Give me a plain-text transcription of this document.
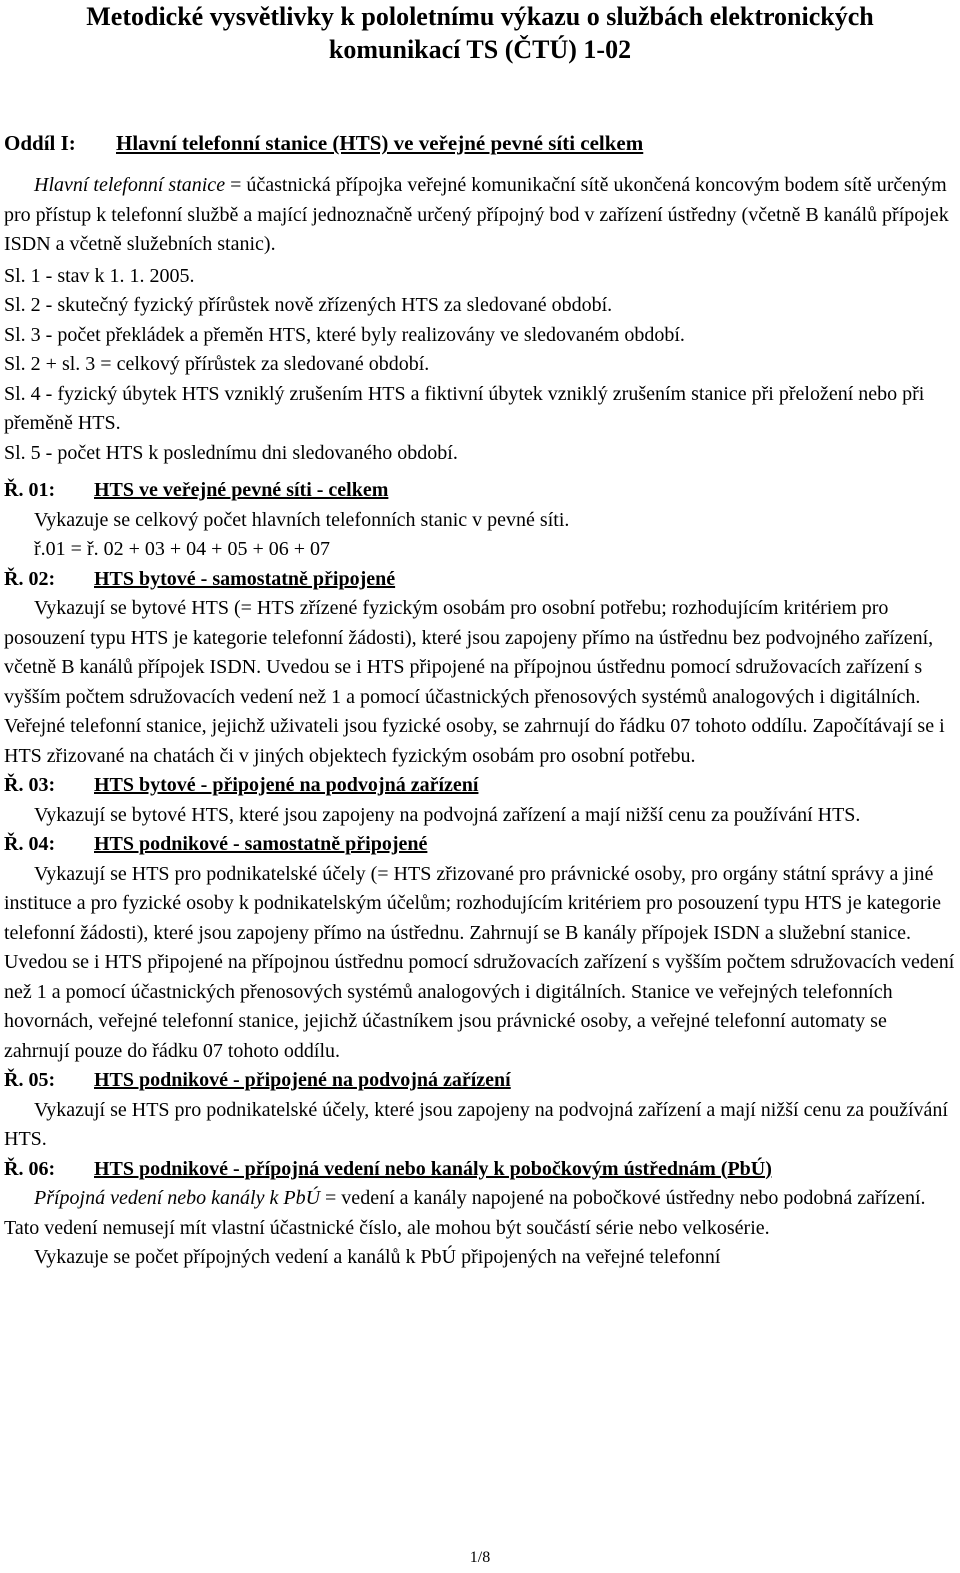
Metodické vysvětlivky k pololetnímu výkazu o službách elektronických
komunikací TS (ČTÚ) 1-02
Oddíl I: Hlavní telefonní stanice (HTS) ve veřejné pevné síti celkem

Hlavní telefonní stanice = účastnická přípojka veřejné komunikační sítě ukončená koncovým bodem sítě určeným pro přístup k telefonní službě a mající jednoznačně určený přípojný bod v zařízení ústředny (včetně B kanálů přípojek ISDN a včetně služebních stanic).

Sl. 1 - stav k 1. 1. 2005.

Sl. 2 - skutečný fyzický přírůstek nově zřízených HTS za sledované období.

Sl. 3 - počet překládek a přeměn HTS, které byly realizovány ve sledovaném období.

Sl. 2 + sl. 3 = celkový přírůstek za sledované období.

Sl. 4 - fyzický úbytek HTS vzniklý zrušením HTS a fiktivní úbytek vzniklý zrušením stanice při přeložení nebo při přeměně HTS.

Sl. 5 - počet HTS k poslednímu dni sledovaného období.

Ř. 01: HTS ve veřejné pevné síti - celkem

Vykazuje se celkový počet hlavních telefonních stanic v pevné síti.

ř.01 = ř. 02 + 03 + 04 + 05 + 06 + 07

Ř. 02: HTS bytové - samostatně připojené

Vykazují se bytové HTS (= HTS zřízené fyzickým osobám pro osobní potřebu; rozhodujícím kritériem pro posouzení typu HTS je kategorie telefonní žádosti), které jsou zapojeny přímo na ústřednu bez podvojného zařízení, včetně B kanálů přípojek ISDN. Uvedou se i HTS připojené na přípojnou ústřednu pomocí sdružovacích zařízení s vyšším počtem sdružovacích vedení než 1 a pomocí účastnických přenosových systémů analogových i digitálních. Veřejné telefonní stanice, jejichž uživateli jsou fyzické osoby, se zahrnují do řádku 07 tohoto oddílu. Započítávají se i HTS zřizované na chatách či v jiných objektech fyzickým osobám pro osobní potřebu.

Ř. 03: HTS bytové - připojené na podvojná zařízení

Vykazují se bytové HTS, které jsou zapojeny na podvojná zařízení a mají nižší cenu za používání HTS.

Ř. 04: HTS podnikové - samostatně připojené

Vykazují se HTS pro podnikatelské účely (= HTS zřizované pro právnické osoby, pro orgány státní správy a jiné instituce a pro fyzické osoby k podnikatelským účelům; rozhodujícím kritériem pro posouzení typu HTS je kategorie telefonní žádosti), které jsou zapojeny přímo na ústřednu. Zahrnují se B kanály přípojek ISDN a služební stanice. Uvedou se i HTS připojené na přípojnou ústřednu pomocí sdružovacích zařízení s vyšším počtem sdružovacích vedení než 1 a pomocí účastnických přenosových systémů analogových i digitálních. Stanice ve veřejných telefonních hovornách, veřejné telefonní stanice, jejichž účastníkem jsou právnické osoby, a veřejné telefonní automaty se zahrnují pouze do řádku 07 tohoto oddílu.

Ř. 05: HTS podnikové - připojené na podvojná zařízení

Vykazují se HTS pro podnikatelské účely, které jsou zapojeny na podvojná zařízení a mají nižší cenu za používání HTS.

Ř. 06: HTS podnikové - přípojná vedení nebo kanály k pobočkovým ústřednám (PbÚ)

Přípojná vedení nebo kanály k PbÚ = vedení a kanály napojené na pobočkové ústředny nebo podobná zařízení. Tato vedení nemusejí mít vlastní účastnické číslo, ale mohou být součástí série nebo velkosérie.

Vykazuje se počet přípojných vedení a kanálů k PbÚ připojených na veřejné telefonní

1/8
